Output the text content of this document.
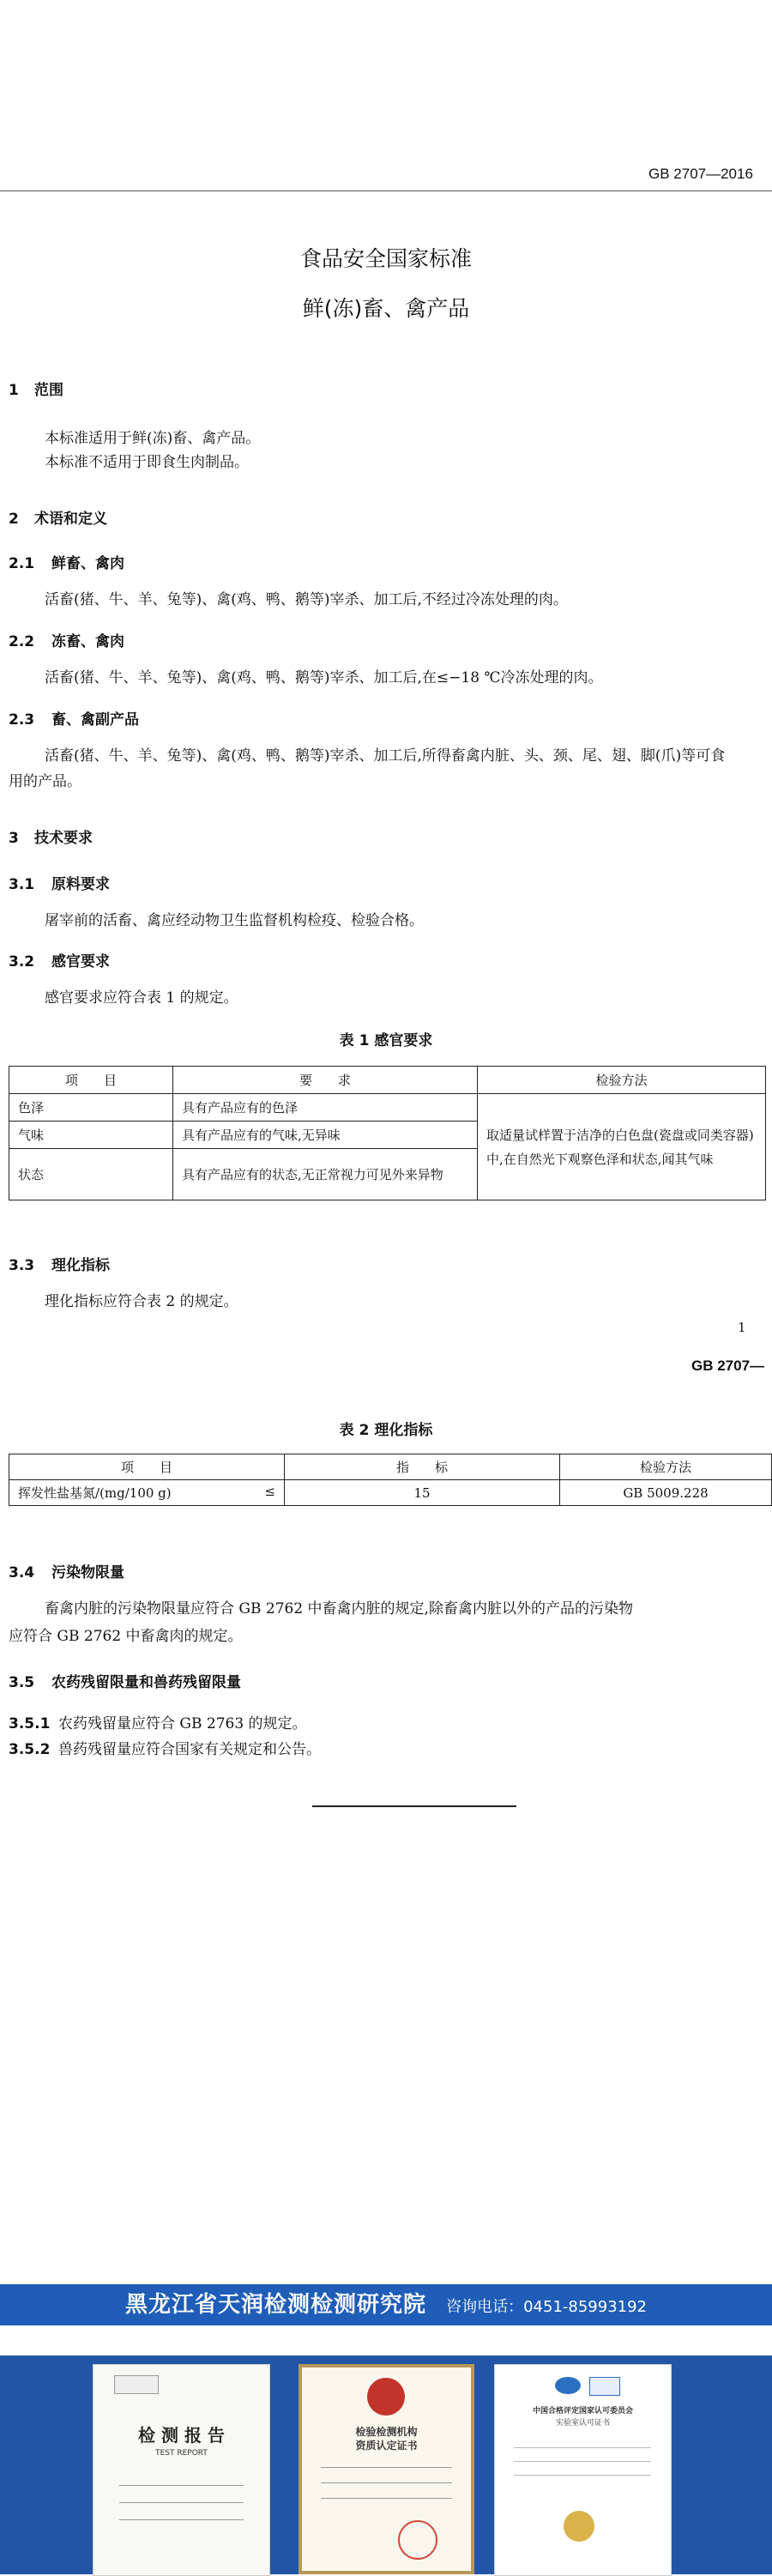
GB 2707—2016
食品安全国家标准
鲜(冻)畜、禽产品
1 范围
本标准适用于鲜(冻)畜、禽产品。
本标准不适用于即食生肉制品。
2 术语和定义
2.1 鲜畜、禽肉
活畜(猪、牛、羊、兔等)、禽(鸡、鸭、鹅等)宰杀、加工后,不经过冷冻处理的肉。
2.2 冻畜、禽肉
活畜(猪、牛、羊、兔等)、禽(鸡、鸭、鹅等)宰杀、加工后,在≤−18 ℃冷冻处理的肉。
2.3 畜、禽副产品
活畜(猪、牛、羊、兔等)、禽(鸡、鸭、鹅等)宰杀、加工后,所得畜禽内脏、头、颈、尾、翅、脚(爪)等可食
用的产品。
3 技术要求
3.1 原料要求
屠宰前的活畜、禽应经动物卫生监督机构检疫、检验合格。
3.2 感官要求
感官要求应符合表 1 的规定。
表 1 感官要求
项　　目	要　　求	检验方法
色泽	具有产品应有的色泽	取适量试样置于洁净的白色盘(瓷盘或同类容器)中,在自然光下观察色泽和状态,闻其气味
气味	具有产品应有的气味,无异味	
状态	具有产品应有的状态,无正常视力可见外来异物	
3.3 理化指标
理化指标应符合表 2 的规定。
1
GB 2707—
表 2 理化指标
项　　目	指　　标	检验方法
挥发性盐基氮/(mg/100 g) ≤	15	GB 5009.228
3.4 污染物限量
畜禽内脏的污染物限量应符合 GB 2762 中畜禽内脏的规定,除畜禽内脏以外的产品的污染物
应符合 GB 2762 中畜禽肉的规定。
3.5 农药残留限量和兽药残留限量
3.5.1 农药残留量应符合 GB 2763 的规定。
3.5.2 兽药残留量应符合国家有关规定和公告。
黑龙江省天润检测检测研究院 咨询电话：0451-85993192
检 测 报 告
TEST REPORT
检验检测机构
资质认定证书
中国合格评定国家认可委员会
实验室认可证书
